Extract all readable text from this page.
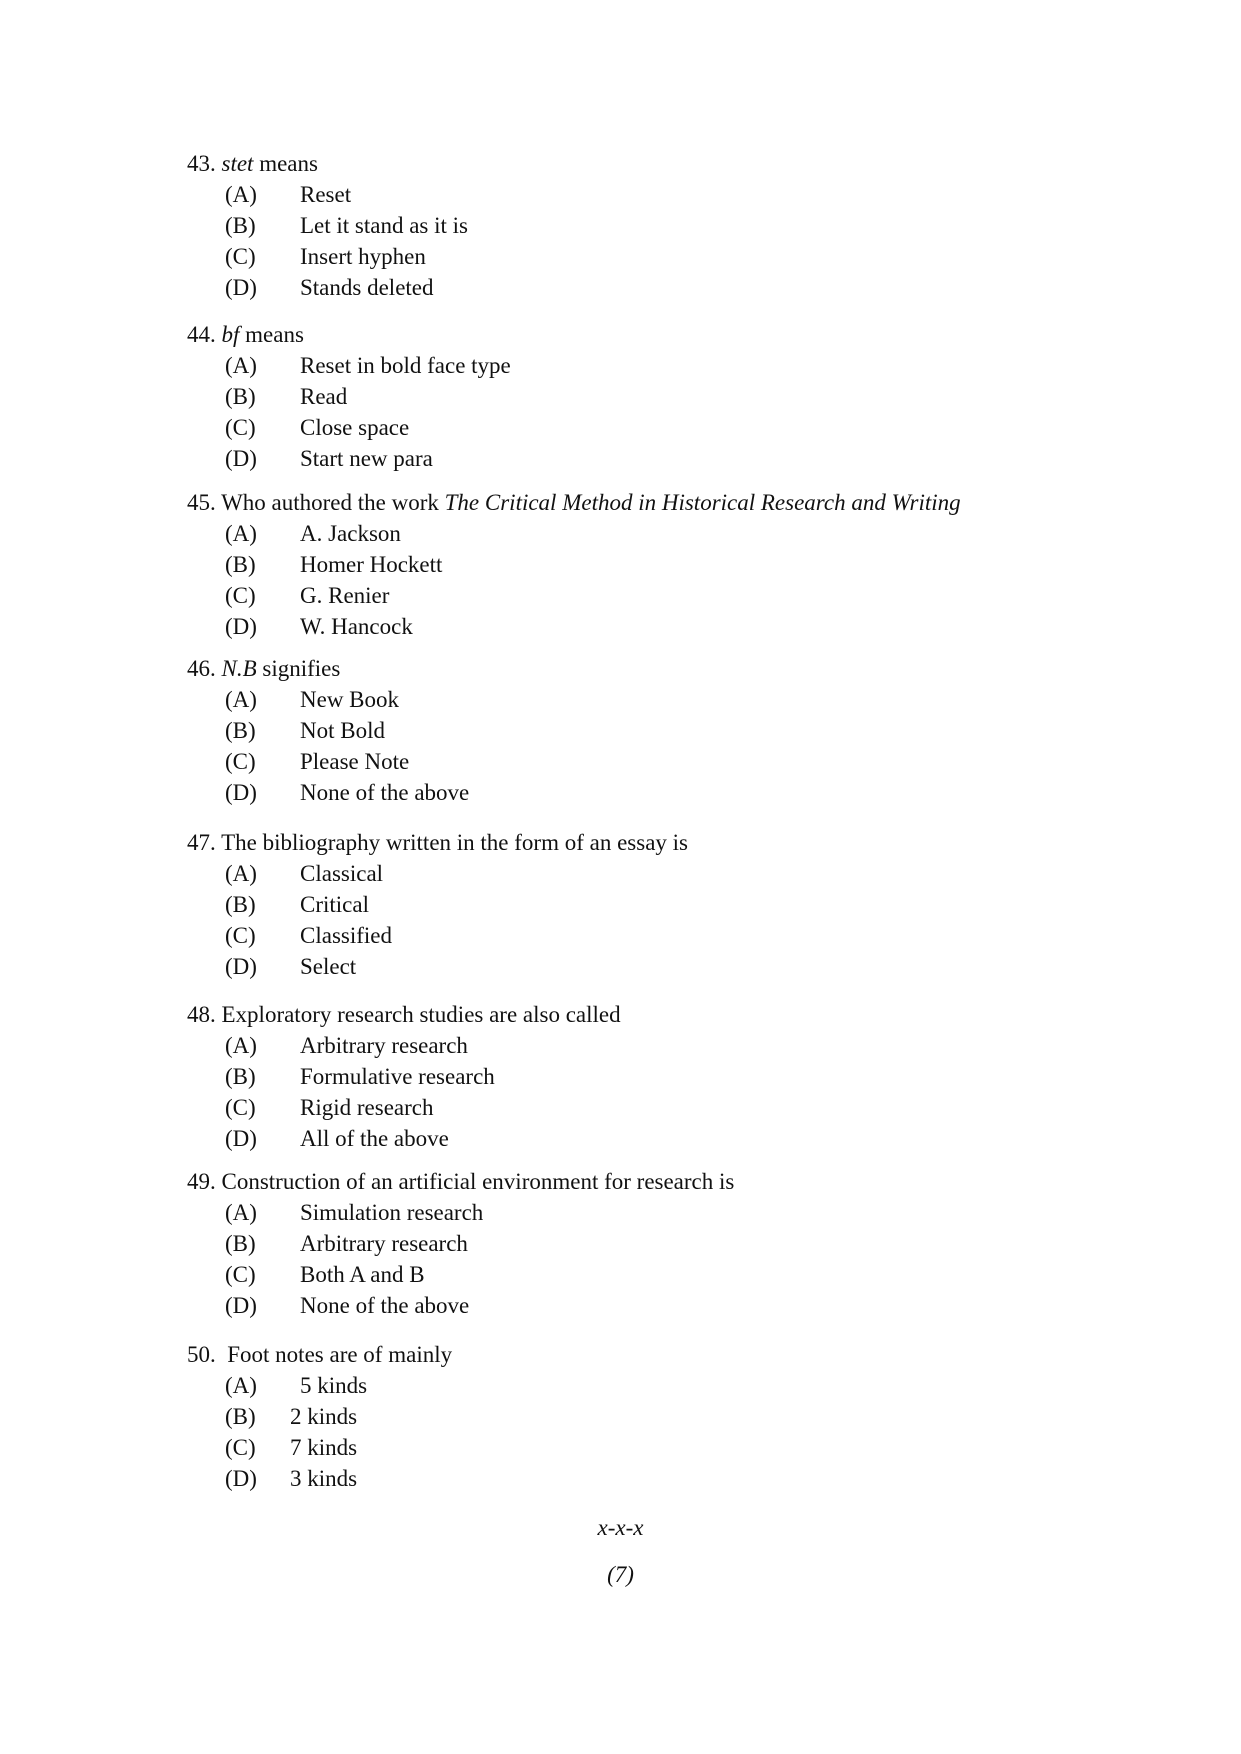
43. stet means
(A) Reset
(B) Let it stand as it is
(C) Insert hyphen
(D) Stands deleted
44. bf means
(A) Reset in bold face type
(B) Read
(C) Close space
(D) Start new para
45. Who authored the work The Critical Method in Historical Research and Writing
(A) A. Jackson
(B) Homer Hockett
(C) G. Renier
(D) W. Hancock
46. N.B signifies
(A) New Book
(B) Not Bold
(C) Please Note
(D) None of the above
47. The bibliography written in the form of an essay is
(A) Classical
(B) Critical
(C) Classified
(D) Select
48. Exploratory research studies are also called
(A) Arbitrary research
(B) Formulative research
(C) Rigid research
(D) All of the above
49. Construction of an artificial environment for research is
(A) Simulation research
(B) Arbitrary research
(C) Both A and B
(D) None of the above
50.  Foot notes are of mainly
(A) 5 kinds
(B) 2 kinds
(C) 7 kinds
(D) 3 kinds
x-x-x
(7)
